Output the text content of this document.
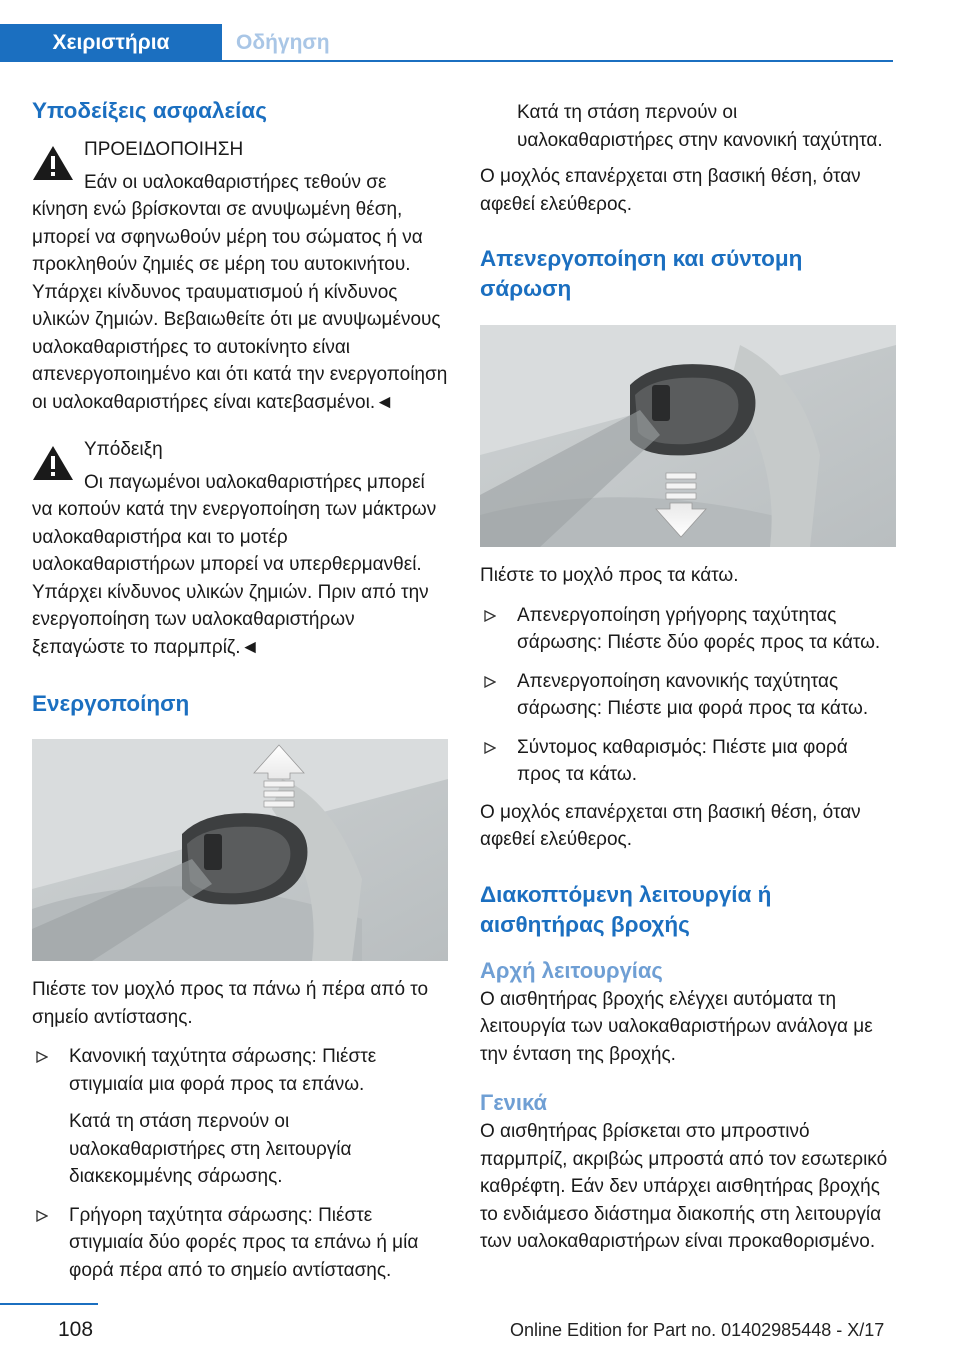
Χειριστήρια	Οδήγηση
Υποδείξεις ασφαλείας
ΠΡΟΕΙΔΟΠΟΙΗΣΗ

Εάν οι υαλοκαθαριστήρες τεθούν σε

κίνηση ενώ βρίσκονται σε ανυψωμένη θέση, μπορεί να σφηνωθούν μέρη του σώματος ή να προκληθούν ζημιές σε μέρη του αυτοκινήτου. Υπάρχει κίνδυνος τραυματισμού ή κίνδυνος υλικών ζημιών. Βεβαιωθείτε ότι με ανυψωμένους υαλοκαθαριστήρες το αυτοκίνητο είναι απενεργοποιημένο και ότι κατά την ενεργοποίηση οι υαλοκαθαριστήρες είναι κατεβασμένοι.◄

Υπόδειξη

Οι παγωμένοι υαλοκαθαριστήρες μπορεί

να κοπούν κατά την ενεργοποίηση των μάκτρων υαλοκαθαριστήρα και το μοτέρ υαλοκαθαριστήρων μπορεί να υπερθερμανθεί. Υπάρχει κίνδυνος υλικών ζημιών. Πριν από την ενεργοποίηση των υαλοκαθαριστήρων ξεπαγώστε το παρμπρίζ.◄

Ενεργοποίηση

Πιέστε τον μοχλό προς τα πάνω ή πέρα από το σημείο αντίστασης.

Κανονική ταχύτητα σάρωσης: Πιέστε στιγμιαία μια φορά προς τα επάνω.

Κατά τη στάση περνούν οι υαλοκαθαριστήρες στη λειτουργία διακεκομμένης σάρωσης.

Γρήγορη ταχύτητα σάρωσης: Πιέστε στιγμιαία δύο φορές προς τα επάνω ή μία φορά πέρα από το σημείο αντίστασης.

Κατά τη στάση περνούν οι υαλοκαθαριστήρες στην κανονική ταχύτητα.

Ο μοχλός επανέρχεται στη βασική θέση, όταν αφεθεί ελεύθερος.

Απενεργοποίηση και σύντομη σάρωση

Πιέστε το μοχλό προς τα κάτω.

Απενεργοποίηση γρήγορης ταχύτητας σάρωσης: Πιέστε δύο φορές προς τα κάτω.
Απενεργοποίηση κανονικής ταχύτητας σάρωσης: Πιέστε μια φορά προς τα κάτω.
Σύντομος καθαρισμός: Πιέστε μια φορά προς τα κάτω.

Ο μοχλός επανέρχεται στη βασική θέση, όταν αφεθεί ελεύθερος.

Διακοπτόμενη λειτουργία ή αισθητήρας βροχής
Αρχή λειτουργίας

Ο αισθητήρας βροχής ελέγχει αυτόματα τη λειτουργία των υαλοκαθαριστήρων ανάλογα με την ένταση της βροχής.

Γενικά

Ο αισθητήρας βρίσκεται στο μπροστινό παρμπρίζ, ακριβώς μπροστά από τον εσωτερικό καθρέφτη. Εάν δεν υπάρχει αισθητήρας βροχής το ενδιάμεσο διάστημα διακοπής στη λειτουργία των υαλοκαθαριστήρων είναι προκαθορισμένο.

108	Online Edition for Part no. 01402985448 - X/17
